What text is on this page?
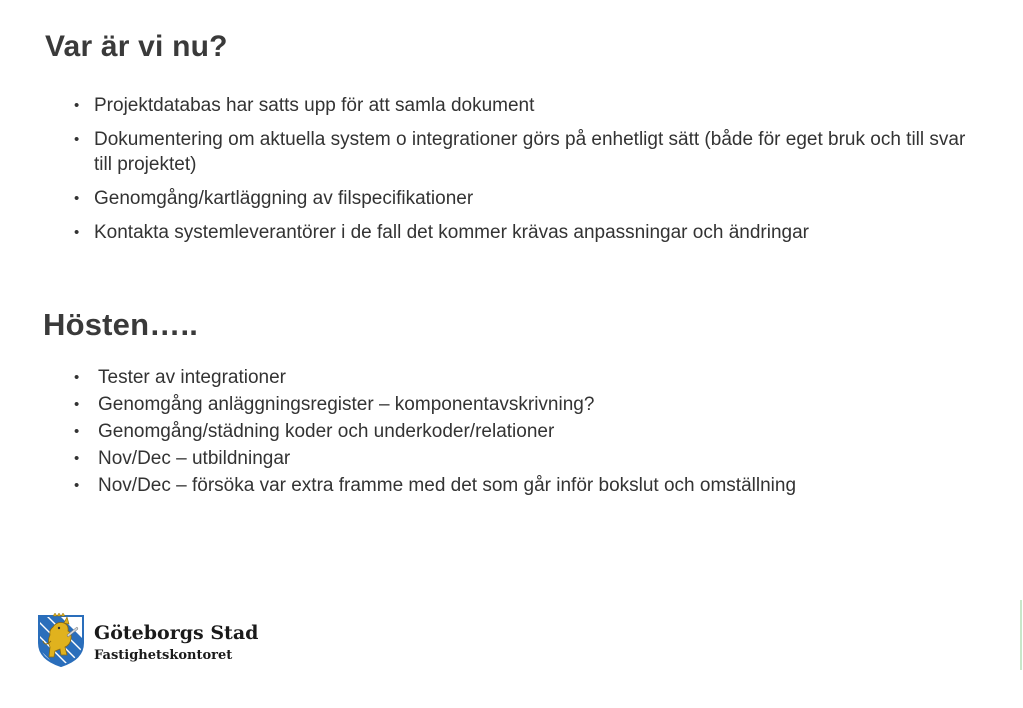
Var är vi nu?
• Projektdatabas har satts upp för att samla dokument
• Dokumentering om aktuella system o integrationer görs på enhetligt sätt (både för eget bruk och till svar till projektet)
• Genomgång/kartläggning av filspecifikationer
• Kontakta systemleverantörer i de fall det kommer krävas anpassningar och ändringar
Hösten…..
• Tester av integrationer
• Genomgång anläggningsregister – komponentavskrivning?
• Genomgång/städning koder och underkoder/relationer
• Nov/Dec – utbildningar
• Nov/Dec – försöka var extra framme med det som går inför bokslut och omställning
Göteborgs Stad
Fastighetskontoret
